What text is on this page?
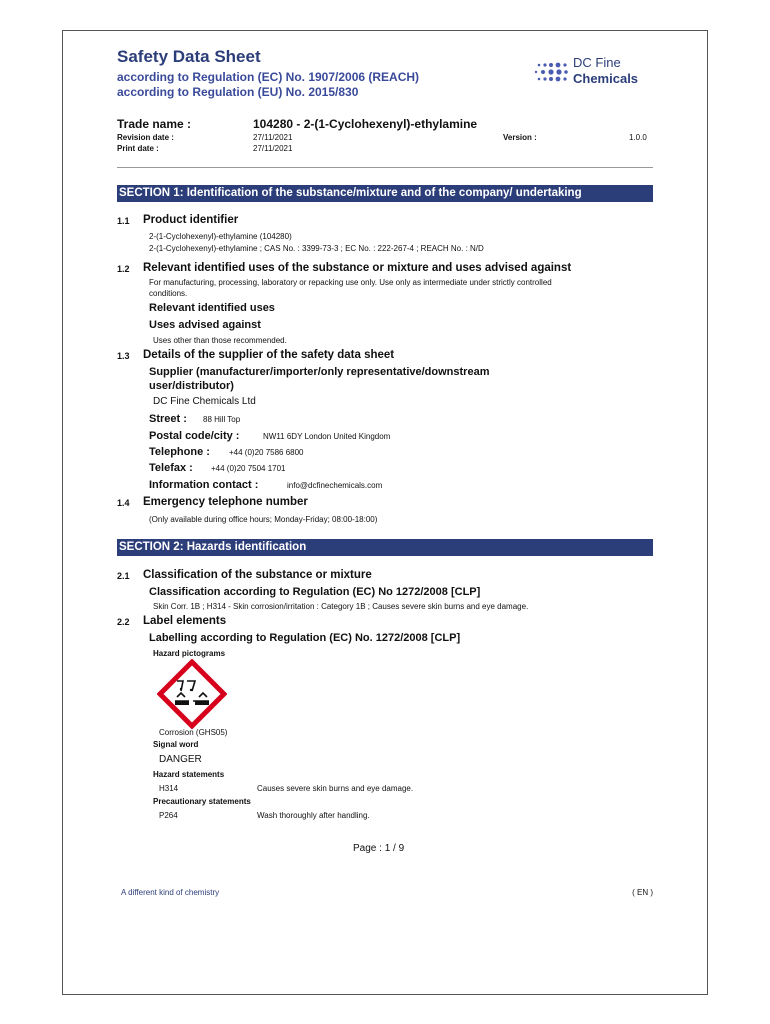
Safety Data Sheet
according to Regulation (EC) No. 1907/2006 (REACH)
according to Regulation (EU) No. 2015/830
DC Fine
Chemicals
Trade name :	104280 - 2-(1-Cyclohexenyl)-ethylamine
Revision date :	27/11/2021	Version :	1.0.0
Print date :	27/11/2021
SECTION 1: Identification of the substance/mixture and of the company/ undertaking
1.1 Product identifier
2-(1-Cyclohexenyl)-ethylamine (104280)
2-(1-Cyclohexenyl)-ethylamine ; CAS No. : 3399-73-3 ; EC No. : 222-267-4 ; REACH No. : N/D
1.2 Relevant identified uses of the substance or mixture and uses advised against
For manufacturing, processing, laboratory or repacking use only. Use only as intermediate under strictly controlled
conditions.
Relevant identified uses
Uses advised against
Uses other than those recommended.
1.3 Details of the supplier of the safety data sheet
Supplier (manufacturer/importer/only representative/downstream
user/distributor)
DC Fine Chemicals Ltd
Street : 88 Hill Top
Postal code/city :	NW11 6DY London United Kingdom
Telephone : +44 (0)20 7586 6800
Telefax : +44 (0)20 7504 1701
Information contact :	info@dcfinechemicals.com
1.4 Emergency telephone number
(Only available during office hours; Monday-Friday; 08:00-18:00)
SECTION 2: Hazards identification
2.1 Classification of the substance or mixture
Classification according to Regulation (EC) No 1272/2008 [CLP]
Skin Corr. 1B ; H314 - Skin corrosion/irritation : Category 1B ; Causes severe skin burns and eye damage.
2.2 Label elements
Labelling according to Regulation (EC) No. 1272/2008 [CLP]
Hazard pictograms
Corrosion (GHS05)
Signal word
DANGER
Hazard statements
H314	Causes severe skin burns and eye damage.
Precautionary statements
P264	Wash thoroughly after handling.
Page : 1 / 9
A different kind of chemistry	( EN )
